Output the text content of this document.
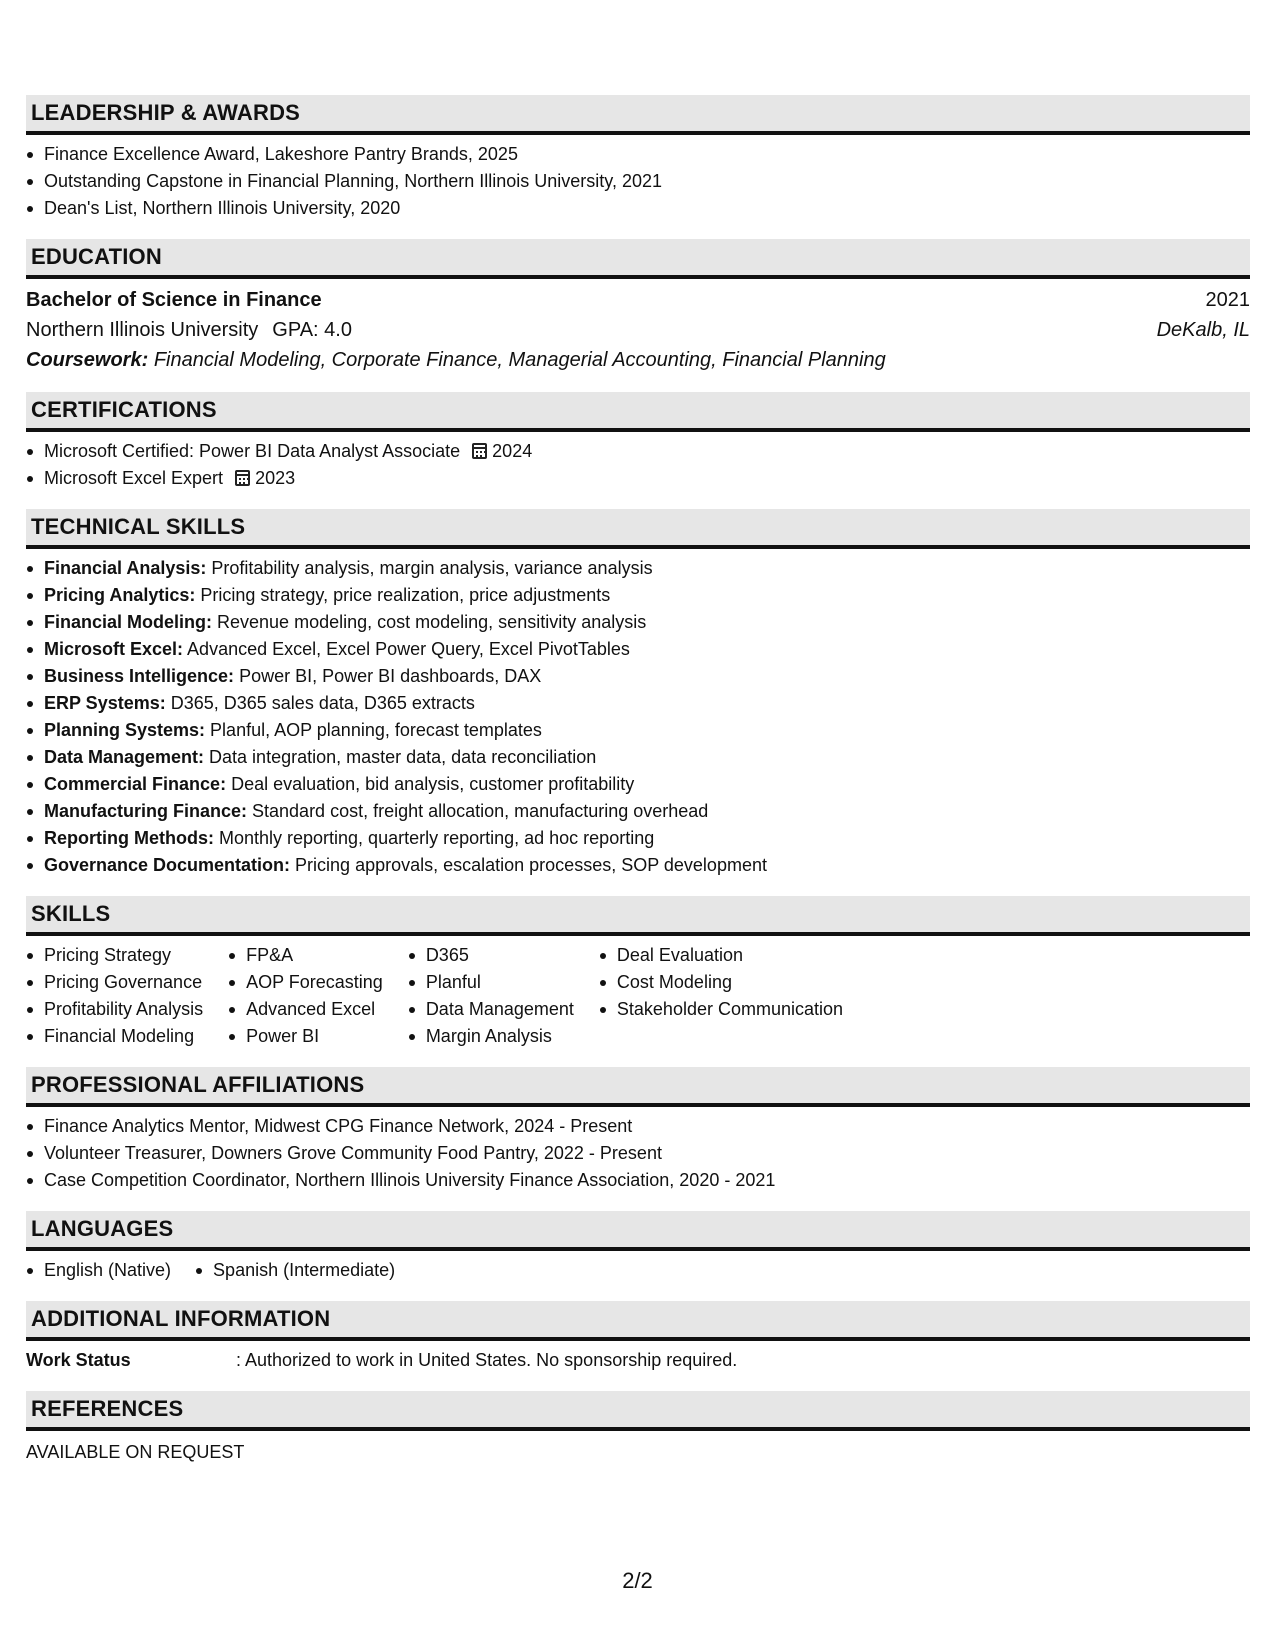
LEADERSHIP & AWARDS
Finance Excellence Award, Lakeshore Pantry Brands, 2025
Outstanding Capstone in Financial Planning, Northern Illinois University, 2021
Dean's List, Northern Illinois University, 2020
EDUCATION
Bachelor of Science in Finance	2021
Northern Illinois University GPA: 4.0	DeKalb, IL
Coursework: Financial Modeling, Corporate Finance, Managerial Accounting, Financial Planning
CERTIFICATIONS
Microsoft Certified: Power BI Data Analyst Associate 2024
Microsoft Excel Expert 2023
TECHNICAL SKILLS
Financial Analysis: Profitability analysis, margin analysis, variance analysis
Pricing Analytics: Pricing strategy, price realization, price adjustments
Financial Modeling: Revenue modeling, cost modeling, sensitivity analysis
Microsoft Excel: Advanced Excel, Excel Power Query, Excel PivotTables
Business Intelligence: Power BI, Power BI dashboards, DAX
ERP Systems: D365, D365 sales data, D365 extracts
Planning Systems: Planful, AOP planning, forecast templates
Data Management: Data integration, master data, data reconciliation
Commercial Finance: Deal evaluation, bid analysis, customer profitability
Manufacturing Finance: Standard cost, freight allocation, manufacturing overhead
Reporting Methods: Monthly reporting, quarterly reporting, ad hoc reporting
Governance Documentation: Pricing approvals, escalation processes, SOP development
SKILLS
Pricing Strategy
Pricing Governance
Profitability Analysis
Financial Modeling
FP&A
AOP Forecasting
Advanced Excel
Power BI
D365
Planful
Data Management
Margin Analysis
Deal Evaluation
Cost Modeling
Stakeholder Communication
PROFESSIONAL AFFILIATIONS
Finance Analytics Mentor, Midwest CPG Finance Network, 2024 - Present
Volunteer Treasurer, Downers Grove Community Food Pantry, 2022 - Present
Case Competition Coordinator, Northern Illinois University Finance Association, 2020 - 2021
LANGUAGES
English (Native)	Spanish (Intermediate)
ADDITIONAL INFORMATION
Work Status	: Authorized to work in United States. No sponsorship required.
REFERENCES
AVAILABLE ON REQUEST
2/2
